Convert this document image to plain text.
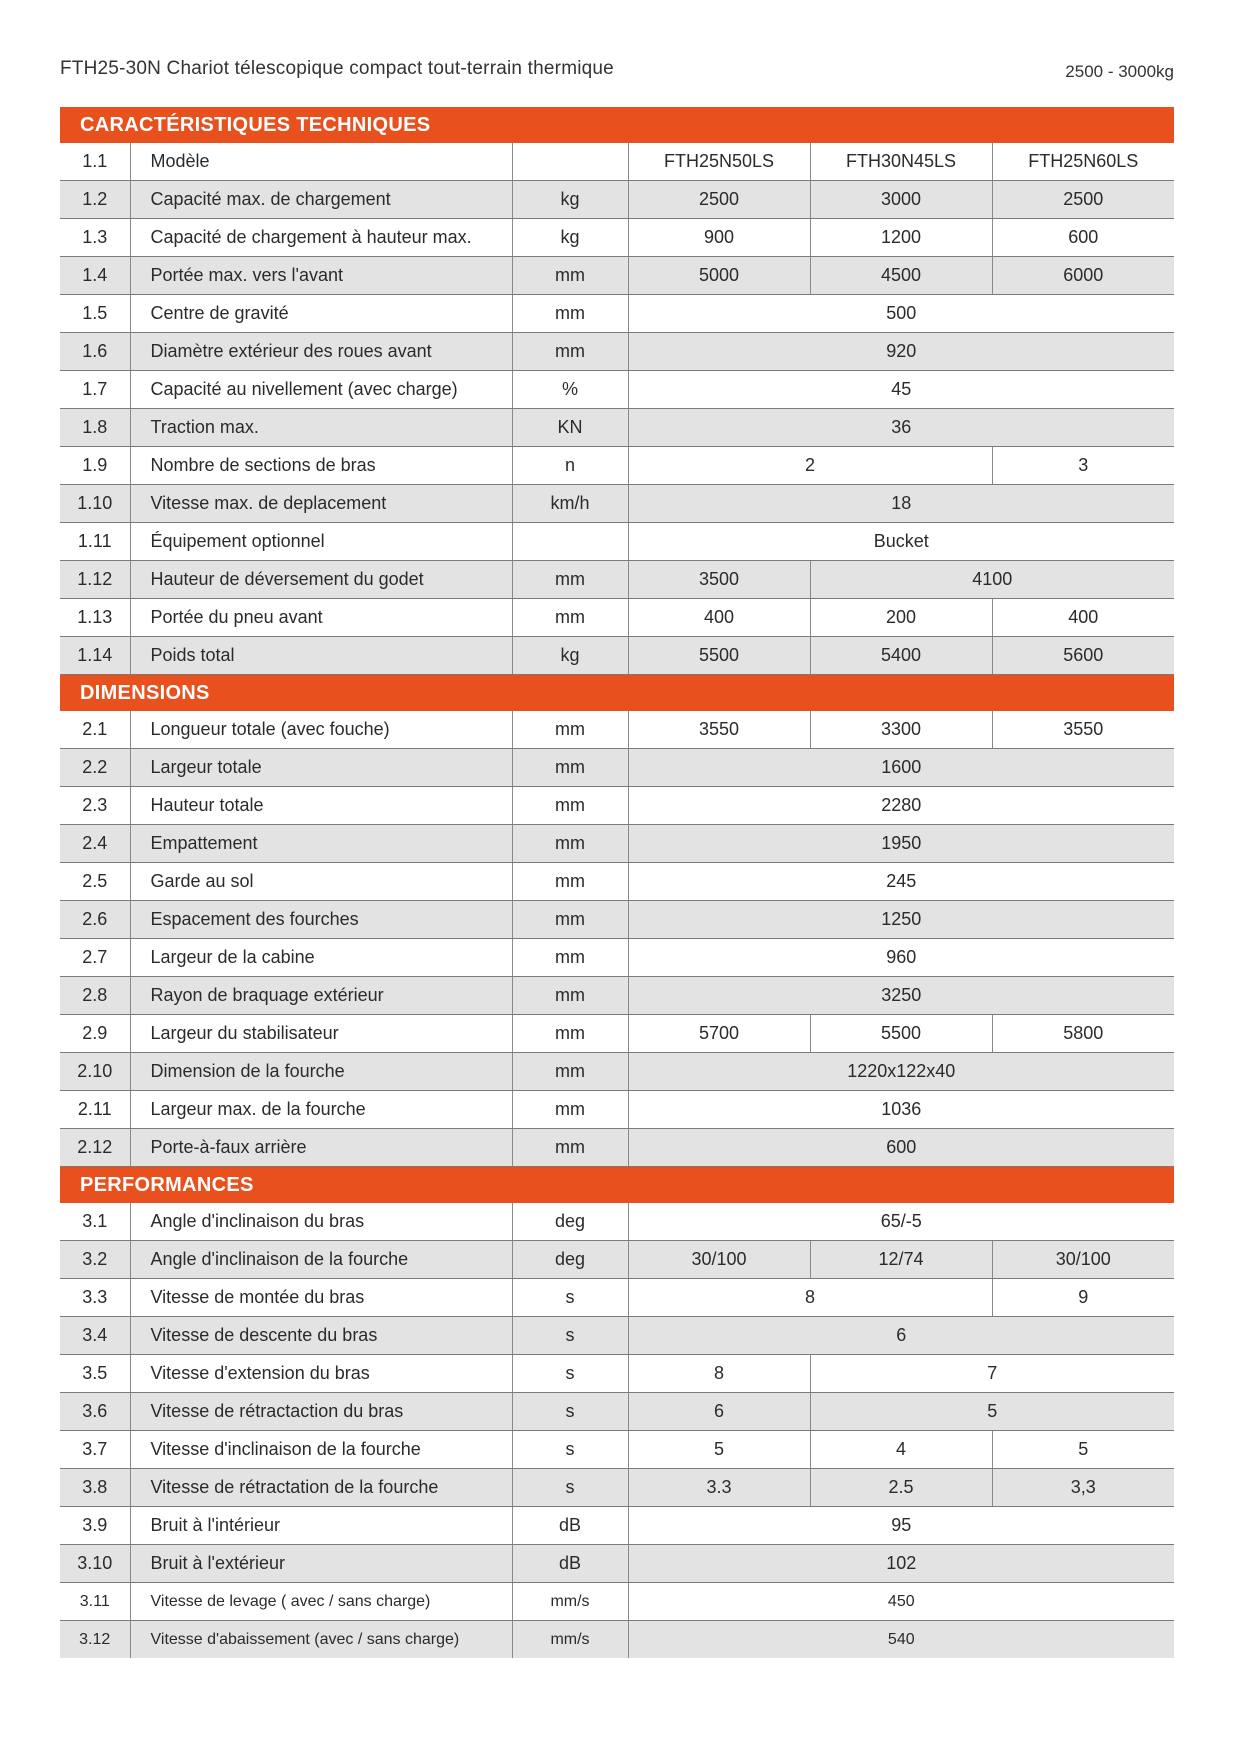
FTH25-30N Chariot télescopique compact tout-terrain thermique	2500 - 3000kg
CARACTÉRISTIQUES TECHNIQUES					
1.1	Modèle		FTH25N50LS	FTH30N45LS	FTH25N60LS
1.2	Capacité max. de chargement	kg	2500	3000	2500
1.3	Capacité de chargement à hauteur max.	kg	900	1200	600
1.4	Portée max. vers l'avant	mm	5000	4500	6000
1.5	Centre de gravité	mm	500		
1.6	Diamètre extérieur des roues avant	mm	920		
1.7	Capacité au nivellement (avec charge)	%	45		
1.8	Traction max.	KN	36		
1.9	Nombre de sections de bras	n	2		3
1.10	Vitesse max. de deplacement	km/h	18		
1.11	Équipement optionnel		Bucket		
1.12	Hauteur de déversement du godet	mm	3500	4100	
1.13	Portée du pneu avant	mm	400	200	400
1.14	Poids total	kg	5500	5400	5600
DIMENSIONS					
2.1	Longueur totale (avec fouche)	mm	3550	3300	3550
2.2	Largeur totale	mm	1600		
2.3	Hauteur totale	mm	2280		
2.4	Empattement	mm	1950		
2.5	Garde au sol	mm	245		
2.6	Espacement des fourches	mm	1250		
2.7	Largeur de la cabine	mm	960		
2.8	Rayon de braquage extérieur	mm	3250		
2.9	Largeur du stabilisateur	mm	5700	5500	5800
2.10	Dimension de la fourche	mm	1220x122x40		
2.11	Largeur max. de la fourche	mm	1036		
2.12	Porte-à-faux arrière	mm	600		
PERFORMANCES					
3.1	Angle d'inclinaison du bras	deg	65/-5		
3.2	Angle d'inclinaison de la fourche	deg	30/100	12/74	30/100
3.3	Vitesse de montée du bras	s	8		9
3.4	Vitesse de descente du bras	s	6		
3.5	Vitesse d'extension du bras	s	8	7	
3.6	Vitesse de rétractaction du bras	s	6	5	
3.7	Vitesse d'inclinaison de la fourche	s	5	4	5
3.8	Vitesse de rétractation de la fourche	s	3.3	2.5	3,3
3.9	Bruit à l'intérieur	dB	95		
3.10	Bruit à l'extérieur	dB	102		
3.11	Vitesse de levage ( avec / sans charge)	mm/s	450		
3.12	Vitesse d'abaissement (avec / sans charge)	mm/s	540		
